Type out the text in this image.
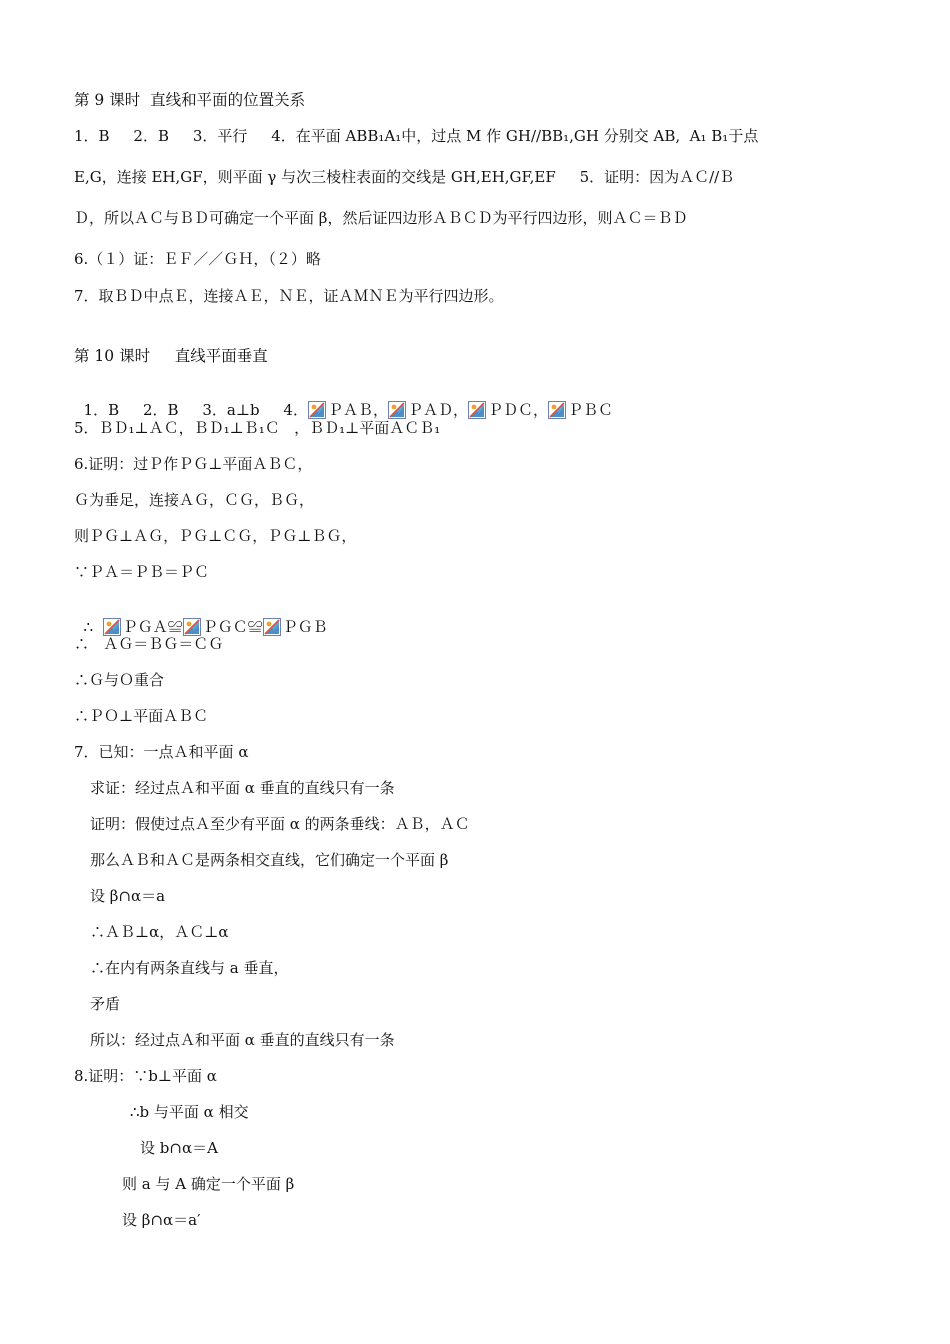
第 9 课时  直线和平面的位置关系
1．B     2．B     3．平行     4．在平面 ABB₁A₁中，过点 M 作 GH//BB₁,GH 分别交 AB,  A₁ B₁于点
E,G，连接 EH,GF，则平面 γ 与次三棱柱表面的交线是 GH,EH,GF,EF     5．证明：因为ＡＣ//Ｂ
Ｄ，所以ＡＣ与ＢＤ可确定一个平面 β，然后证四边形ＡＢＣＤ为平行四边形，则ＡＣ＝ＢＤ
6.（１）证：ＥＦ／／ＧＨ，（２）略
7．取ＢＤ中点Ｅ，连接ＡＥ，ＮＥ，证ＡＭＮＥ为平行四边形。
第 10 课时     直线平面垂直

1．B     2．B     3．a⊥b     4． ＰＡＢ， ＰＡＤ， ＰＤＣ， ＰＢＣ

5．ＢＤ₁⊥ＡＣ，ＢＤ₁⊥Ｂ₁Ｃ   ，ＢＤ₁⊥平面ＡＣＢ₁
6.证明：过Ｐ作ＰＧ⊥平面ＡＢＣ，
Ｇ为垂足，连接ＡＧ，ＣＧ，ＢＧ，
则ＰＧ⊥ＡＧ，ＰＧ⊥ＣＧ，ＰＧ⊥ＢＧ，
∵ＰＡ＝ＰＢ＝ＰＣ

∴  ＰＧＡ≌ ＰＧＣ≌ ＰＧＢ

∴   ＡＧ＝ＢＧ＝ＣＧ
∴Ｇ与Ｏ重合
∴ＰＯ⊥平面ＡＢＣ
7．已知：一点Ａ和平面 α
求证：经过点Ａ和平面 α 垂直的直线只有一条
证明：假使过点Ａ至少有平面 α 的两条垂线：ＡＢ，ＡＣ
那么ＡＢ和ＡＣ是两条相交直线，它们确定一个平面 β
设 β∩α＝a
∴ＡＢ⊥α，ＡＣ⊥α
∴在内有两条直线与 a 垂直，
矛盾
所以：经过点Ａ和平面 α 垂直的直线只有一条
8.证明：∵b⊥平面 α
∴b 与平面 α 相交
设 b∩α＝A
则 a 与 A 确定一个平面 β
设 β∩α＝a′
